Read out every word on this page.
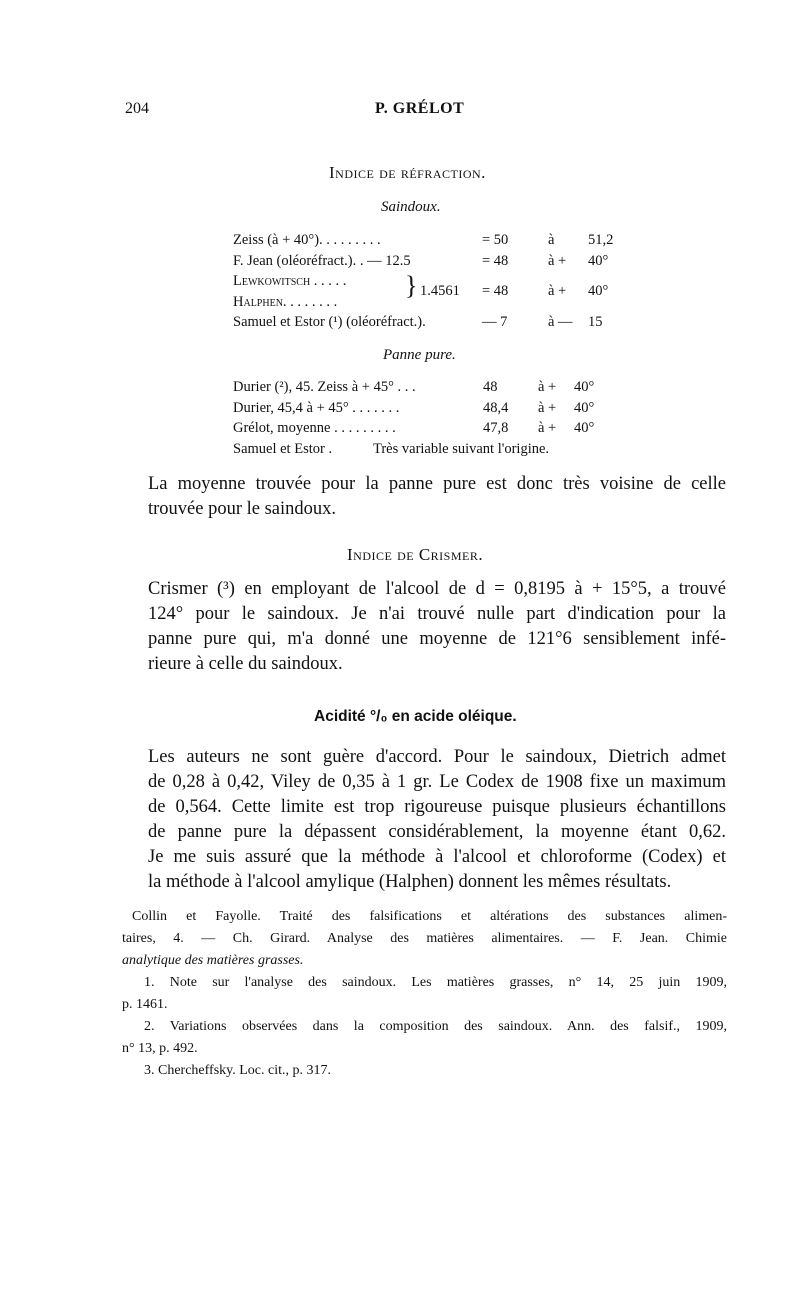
204	P. GRÉLOT
Indice de réfraction.
Saindoux.
Zeiss (à + 40°). . . . . . . . .	= 50	à 51,2
F. Jean (oléoréfract.). . — 12.5	= 48	à + 40°
Lewkowitsch . . . . .
Halphen. . . . . . . .
} 1.4561 = 48	à + 40°
Samuel et Estor (¹) (oléoréfract.).	— 7	à — 15
Panne pure.
Durier (²), 45. Zeiss à + 45° . . .	48	à + 40°
Durier, 45,4 à + 45° . . . . . . .	48,4 à + 40°
Grélot, moyenne . . . . . . . . .	47,8 à + 40°
Samuel et Estor .	Très variable suivant l'origine.
La moyenne trouvée pour la panne pure est donc très voisine de celle
trouvée pour le saindoux.
Indice de Crismer.
Crismer (³) en employant de l'alcool de d = 0,8195 à + 15°5, a trouvé
124° pour le saindoux. Je n'ai trouvé nulle part d'indication pour la
panne pure qui, m'a donné une moyenne de 121°6 sensiblement infé-
rieure à celle du saindoux.
Acidité °/₀ en acide oléique.
Les auteurs ne sont guère d'accord. Pour le saindoux, Dietrich admet
de 0,28 à 0,42, Viley de 0,35 à 1 gr. Le Codex de 1908 fixe un maximum
de 0,564. Cette limite est trop rigoureuse puisque plusieurs échantillons
de panne pure la dépassent considérablement, la moyenne étant 0,62.
Je me suis assuré que la méthode à l'alcool et chloroforme (Codex) et
la méthode à l'alcool amylique (Halphen) donnent les mêmes résultats.
Collin et Fayolle. Traité des falsifications et altérations des substances alimen-
taires, 4. — Ch. Girard. Analyse des matières alimentaires. — F. Jean. Chimie
analytique des matières grasses.
1. Note sur l'analyse des saindoux. Les matières grasses, n° 14, 25 juin 1909,
p. 1461.
2. Variations observées dans la composition des saindoux. Ann. des falsif., 1909,
n° 13, p. 492.
3. Chercheffsky. Loc. cit., p. 317.
